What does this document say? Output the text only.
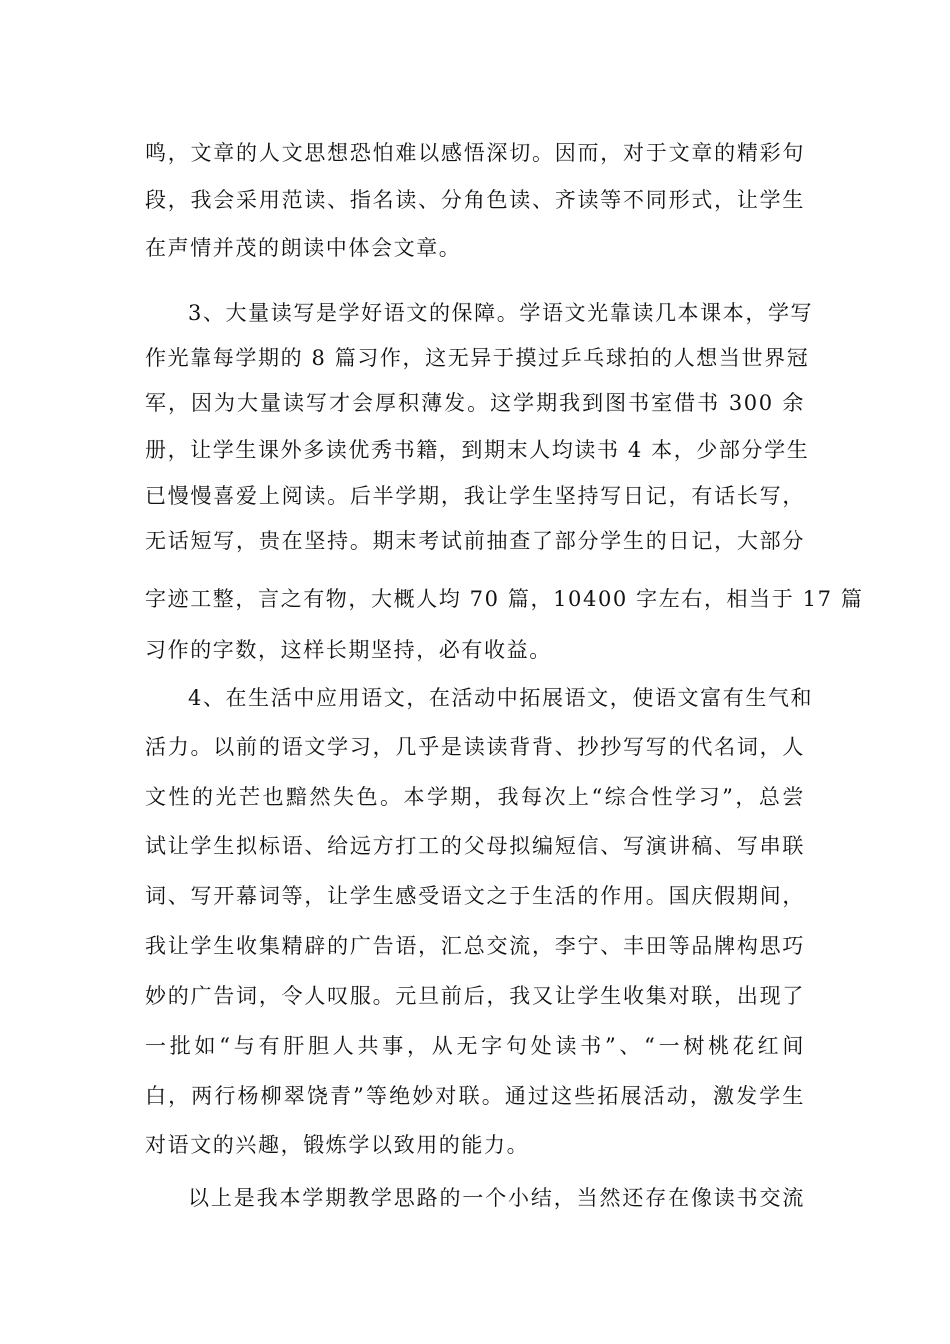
鸣，文章的人文思想恐怕难以感悟深切。因而，对于文章的精彩句
段，我会采用范读、指名读、分角色读、齐读等不同形式，让学生
在声情并茂的朗读中体会文章。
3、大量读写是学好语文的保障。学语文光靠读几本课本，学写
作光靠每学期的 8 篇习作，这无异于摸过乒乓球拍的人想当世界冠
军，因为大量读写才会厚积薄发。这学期我到图书室借书 300 余
册，让学生课外多读优秀书籍，到期末人均读书 4 本，少部分学生
已慢慢喜爱上阅读。后半学期，我让学生坚持写日记，有话长写，
无话短写，贵在坚持。期末考试前抽查了部分学生的日记，大部分
字迹工整，言之有物，大概人均 70 篇，10400 字左右，相当于 17 篇
习作的字数，这样长期坚持，必有收益。
4、在生活中应用语文，在活动中拓展语文，使语文富有生气和
活力。以前的语文学习，几乎是读读背背、抄抄写写的代名词，人
文性的光芒也黯然失色。本学期，我每次上“综合性学习”，总尝
试让学生拟标语、给远方打工的父母拟编短信、写演讲稿、写串联
词、写开幕词等，让学生感受语文之于生活的作用。国庆假期间，
我让学生收集精辟的广告语，汇总交流，李宁、丰田等品牌构思巧
妙的广告词，令人叹服。元旦前后，我又让学生收集对联，出现了
一批如“与有肝胆人共事，从无字句处读书”、“一树桃花红间
白，两行杨柳翠饶青”等绝妙对联。通过这些拓展活动，激发学生
对语文的兴趣，锻炼学以致用的能力。
以上是我本学期教学思路的一个小结，当然还存在像读书交流
